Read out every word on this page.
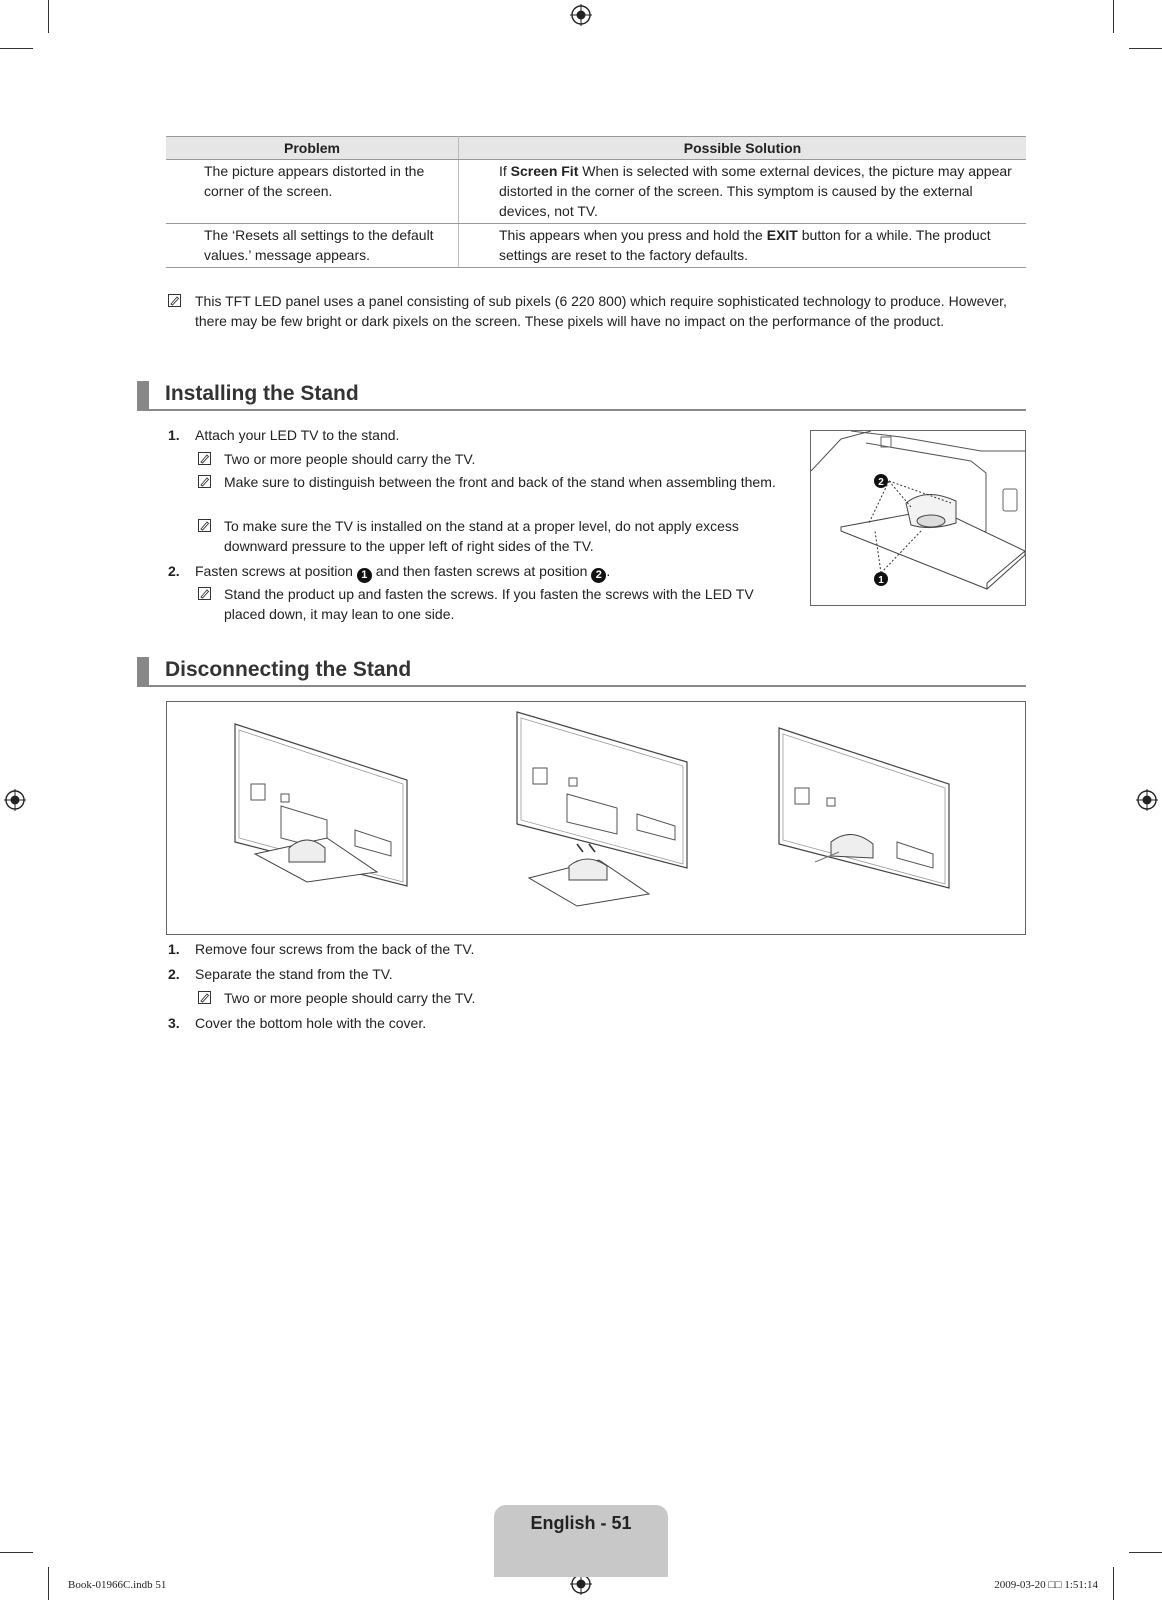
Problem	Possible Solution
The picture appears distorted in the corner of the screen.	If Screen Fit When is selected with some external devices, the picture may appear distorted in the corner of the screen. This symptom is caused by the external devices, not TV.
The ‘Resets all settings to the default values.’ message appears.	This appears when you press and hold the EXIT button for a while. The product settings are reset to the factory defaults.
This TFT LED panel uses a panel consisting of sub pixels (6 220 800) which require sophisticated technology to produce. However, there may be few bright or dark pixels on the screen. These pixels will have no impact on the performance of the product.
Installing the Stand
1. Attach your LED TV to the stand.
Two or more people should carry the TV.
Make sure to distinguish between the front and back of the stand when assembling them.
To make sure the TV is installed on the stand at a proper level, do not apply excess downward pressure to the upper left of right sides of the TV.
2. Fasten screws at position 1 and then fasten screws at position 2 .
Stand the product up and fasten the screws. If you fasten the screws with the LED TV placed down, it may lean to one side.
2
1
Disconnecting the Stand
1. Remove four screws from the back of the TV.
2. Separate the stand from the TV.
Two or more people should carry the TV.
3. Cover the bottom hole with the cover.
English - 51
Book-01966C.indb 51	2009-03-20 □□ 1:51:14
